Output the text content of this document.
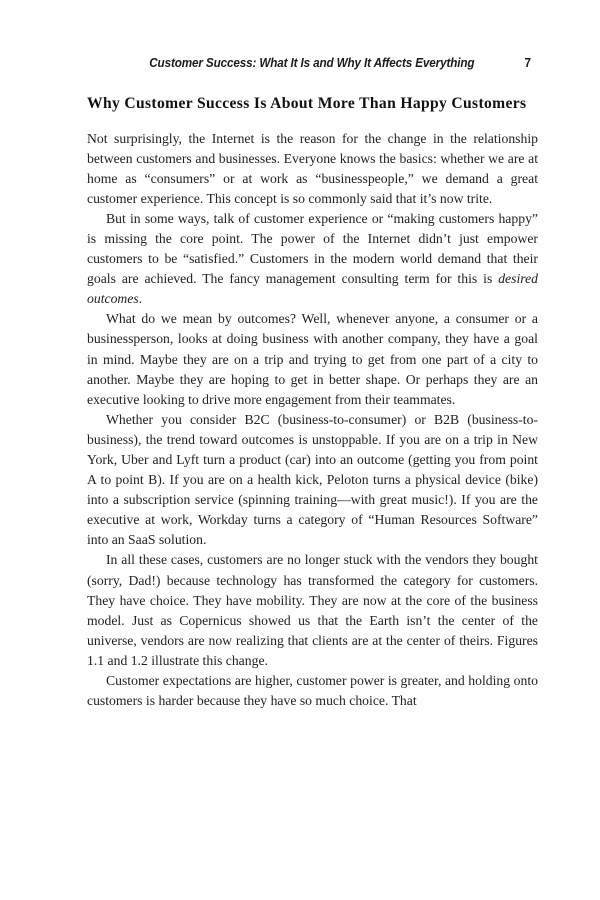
Customer Success: What It Is and Why It Affects Everything	7
Why Customer Success Is About More Than Happy Customers

Not surprisingly, the Internet is the reason for the change in the relationship between customers and businesses. Everyone knows the basics: whether we are at home as “consumers” or at work as “businesspeople,” we demand a great customer experience. This concept is so commonly said that it’s now trite.

But in some ways, talk of customer experience or “making customers happy” is missing the core point. The power of the Internet didn’t just empower customers to be “satisfied.” Customers in the modern world demand that their goals are achieved. The fancy management consulting term for this is desired outcomes.

What do we mean by outcomes? Well, whenever anyone, a consumer or a businessperson, looks at doing business with another company, they have a goal in mind. Maybe they are on a trip and trying to get from one part of a city to another. Maybe they are hoping to get in better shape. Or perhaps they are an executive looking to drive more engagement from their teammates.

Whether you consider B2C (business-to-consumer) or B2B (business-to-business), the trend toward outcomes is unstoppable. If you are on a trip in New York, Uber and Lyft turn a product (car) into an outcome (getting you from point A to point B). If you are on a health kick, Peloton turns a physical device (bike) into a subscription service (spinning training—with great music!). If you are the executive at work, Workday turns a category of “Human Resources Software” into an SaaS solution.

In all these cases, customers are no longer stuck with the vendors they bought (sorry, Dad!) because technology has transformed the category for customers. They have choice. They have mobility. They are now at the core of the business model. Just as Copernicus showed us that the Earth isn’t the center of the universe, vendors are now realizing that clients are at the center of theirs. Figures 1.1 and 1.2 illustrate this change.

Customer expectations are higher, customer power is greater, and holding onto customers is harder because they have so much choice. That
